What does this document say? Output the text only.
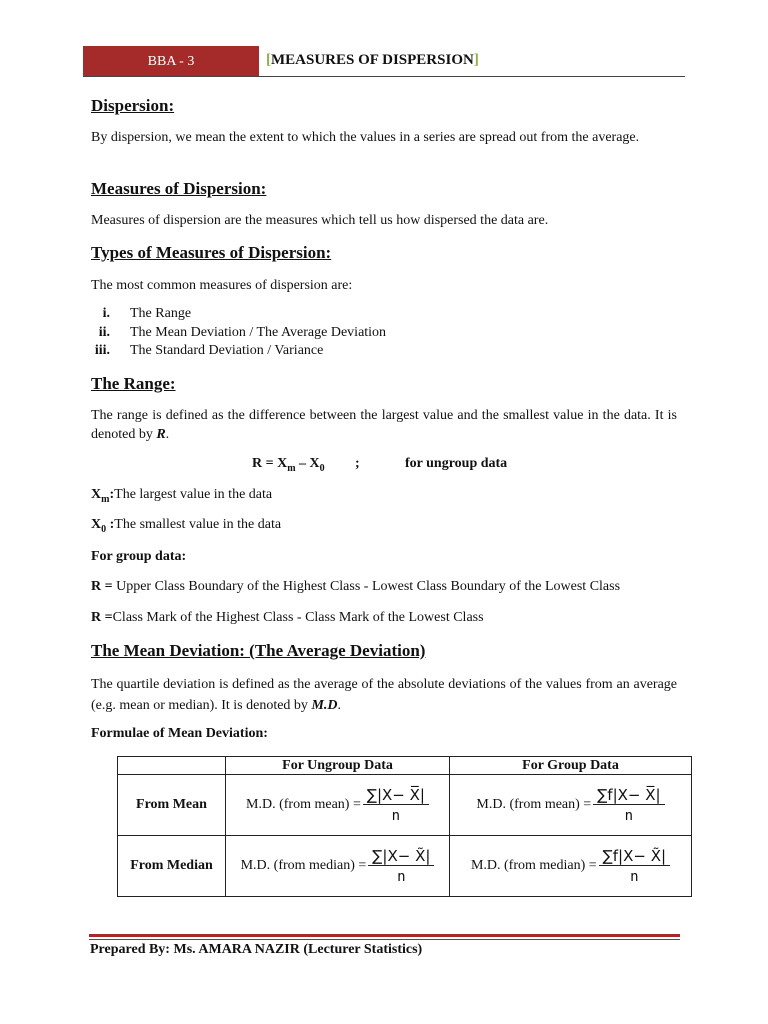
BBA - 3	[MEASURES OF DISPERSION]
Dispersion:

By dispersion, we mean the extent to which the values in a series are spread out from the average.

Measures of Dispersion:

Measures of dispersion are the measures which tell us how dispersed the data are.

Types of Measures of Dispersion:

The most common measures of dispersion are:

i. The Range
ii. The Mean Deviation / The Average Deviation
iii. The Standard Deviation / Variance
The Range:

The range is defined as the difference between the largest value and the smallest value in the data. It is denoted by R.

$R = X_m - X_0$ ;	for ungroup data
$X_m:The$ largest value in the data
$X_0$ :The smallest value in the data
For group data:
R = Upper Class Boundary of the Highest Class - Lowest Class Boundary of the Lowest Class
R =Class Mark of the Highest Class - Class Mark of the Lowest Class
The Mean Deviation: (The Average Deviation)

The quartile deviation is defined as the average of the absolute deviations of the values from an average (e.g. mean or median). It is denoted by M.D.

Formulae of Mean Deviation:
	For Ungroup Data	For Group Data
From Mean	M.D. (from mean) = $\frac{\sum|X- X̅|}{n}$	M.D. (from mean) = $\frac{\sum f|X- X̅|}{n}$

From Median	M.D. (from median) = $\frac{\sum|X- X̃|}{n}$	M.D. (from median) = $\frac{\sum f|X- X̃|}{n}$
Prepared By: Ms. AMARA NAZIR (Lecturer Statistics)
